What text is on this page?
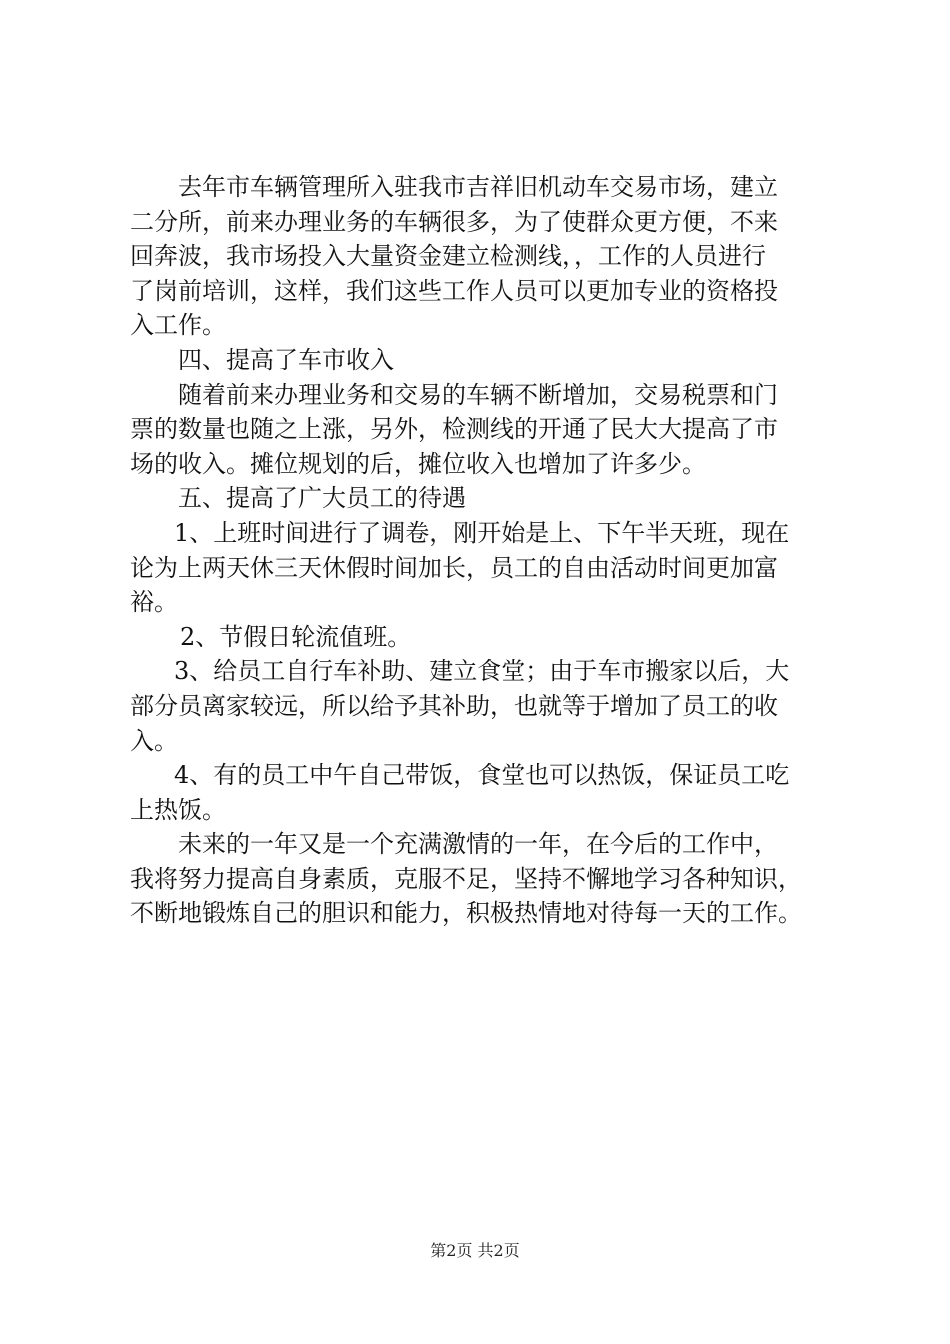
去年市车辆管理所入驻我市吉祥旧机动车交易市场，建立
二分所，前来办理业务的车辆很多，为了使群众更方便，不来
回奔波，我市场投入大量资金建立检测线，，工作的人员进行
了岗前培训，这样，我们这些工作人员可以更加专业的资格投
入工作。
四、提高了车市收入
随着前来办理业务和交易的车辆不断增加，交易税票和门
票的数量也随之上涨，另外，检测线的开通了民大大提高了市
场的收入。摊位规划的后，摊位收入也增加了许多少。
五、提高了广大员工的待遇
1、上班时间进行了调卷，刚开始是上、下午半天班，现在
论为上两天休三天休假时间加长，员工的自由活动时间更加富
裕。
2、节假日轮流值班。
3、给员工自行车补助、建立食堂；由于车市搬家以后，大
部分员离家较远，所以给予其补助，也就等于增加了员工的收
入。
4、有的员工中午自己带饭，食堂也可以热饭，保证员工吃
上热饭。
未来的一年又是一个充满激情的一年，在今后的工作中，
我将努力提高自身素质，克服不足，坚持不懈地学习各种知识，
不断地锻炼自己的胆识和能力，积极热情地对待每一天的工作。
第2页 共2页
